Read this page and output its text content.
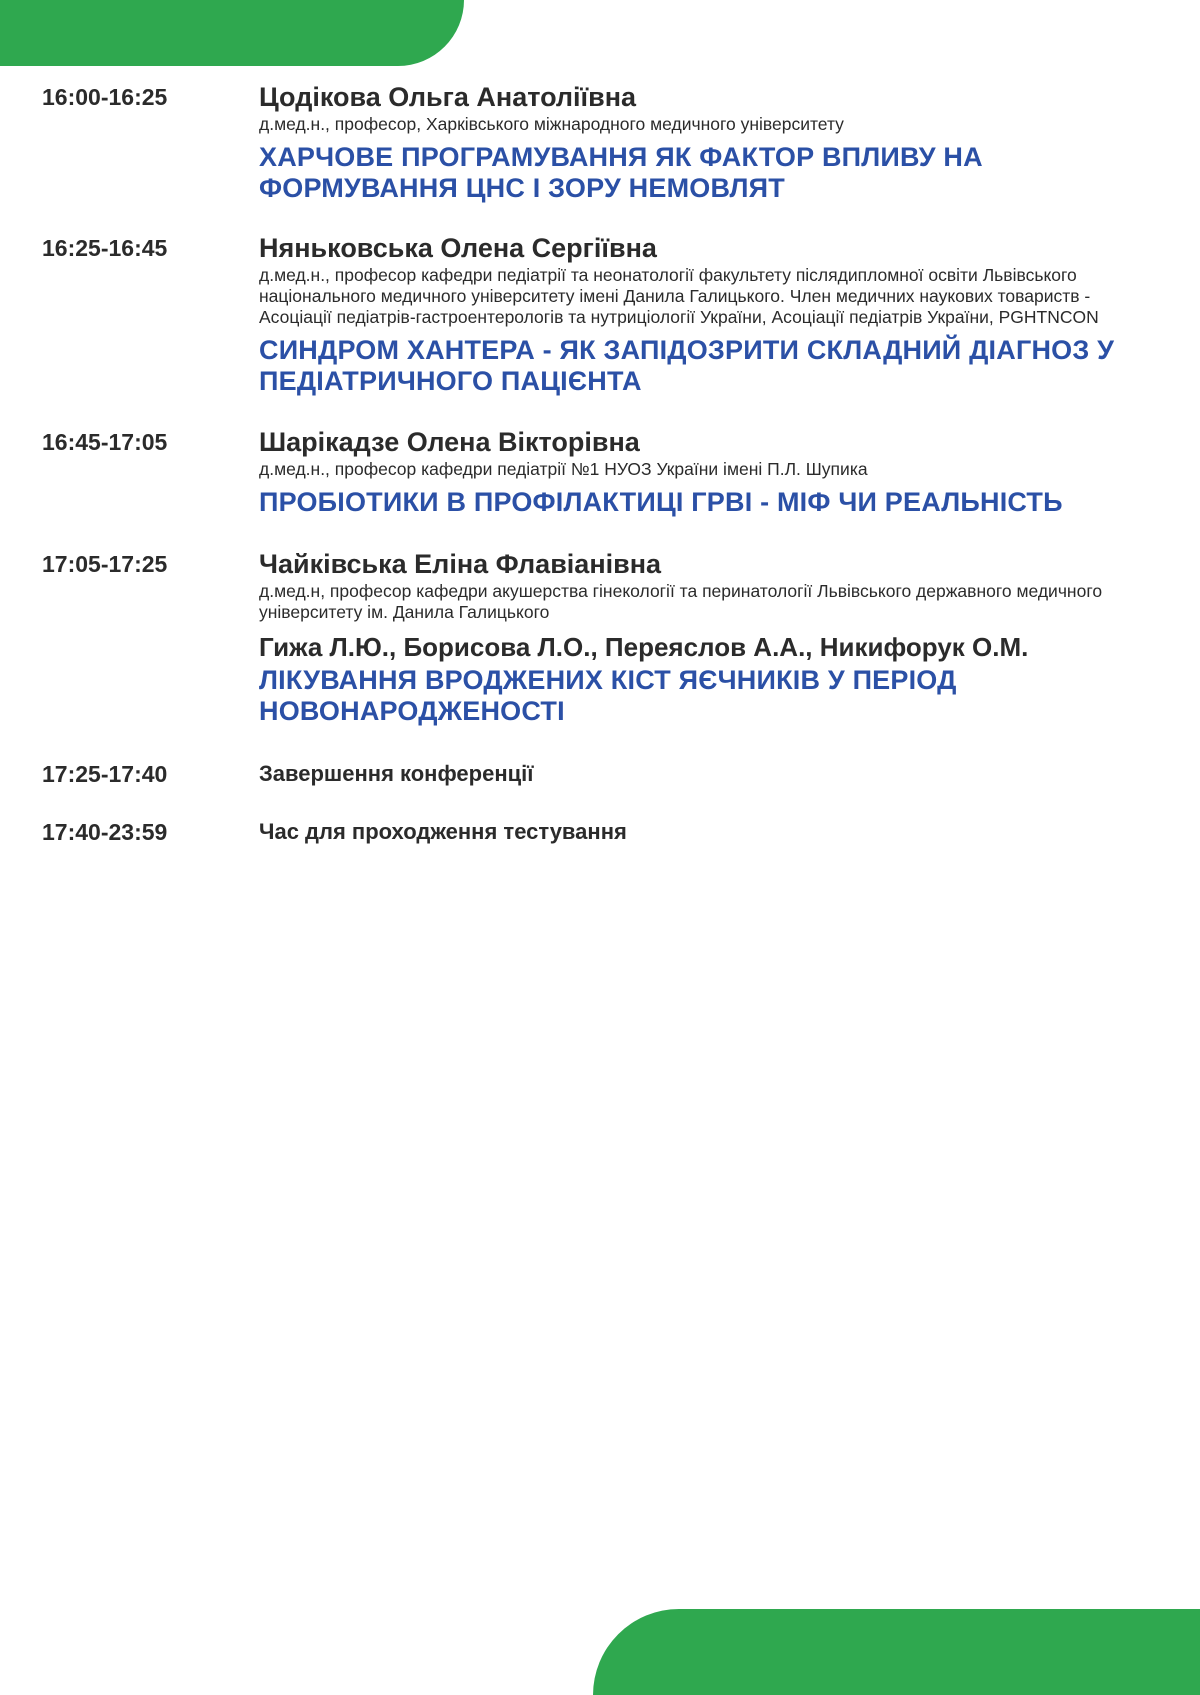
16:00-16:25	Цодікова Ольга Анатоліївна
д.мед.н., професор, Харківського міжнародного медичного університету
ХАРЧОВЕ ПРОГРАМУВАННЯ ЯК ФАКТОР ВПЛИВУ НА ФОРМУВАННЯ ЦНС І ЗОРУ НЕМОВЛЯТ
16:25-16:45	Няньковська Олена Сергіївна
д.мед.н., професор кафедри педіатрії та неонатології факультету післядипломної освіти Львівського національного медичного університету імені Данила Галицького. Член медичних наукових товариств - Асоціації педіатрів-гастроентерологів та нутриціології України, Асоціації педіатрів України, PGHTNCON
СИНДРОМ ХАНТЕРА - ЯК ЗАПІДОЗРИТИ СКЛАДНИЙ ДІАГНОЗ У ПЕДІАТРИЧНОГО ПАЦІЄНТА
16:45-17:05	Шарікадзе Олена Вікторівна
д.мед.н., професор кафедри педіатрії №1 НУОЗ України імені П.Л. Шупика
ПРОБІОТИКИ В ПРОФІЛАКТИЦІ ГРВІ - МІФ ЧИ РЕАЛЬНІСТЬ
17:05-17:25	Чайківська Еліна Флавіанівна
д.мед.н, професор кафедри акушерства гінекології та перинатології Львівського державного медичного університету ім. Данила Галицького
Гижа Л.Ю., Борисова Л.О., Переяслов А.А., Никифорук О.М.
ЛІКУВАННЯ ВРОДЖЕНИХ КІСТ ЯЄЧНИКІВ У ПЕРІОД НОВОНАРОДЖЕНОСТІ
17:25-17:40	Завершення конференції
17:40-23:59	Час для проходження тестування
